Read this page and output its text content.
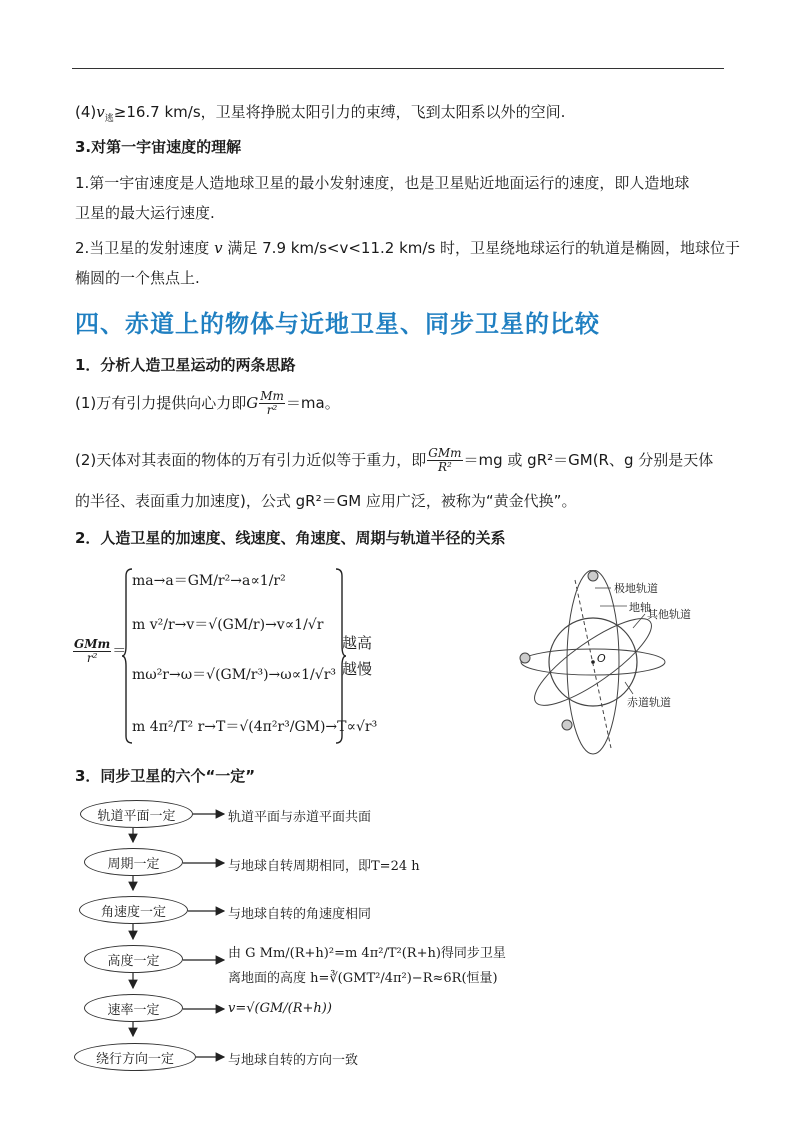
$(4)v_逃\ge 16.7$ km/s，卫星将挣脱太阳引力的束缚，飞到太阳系以外的空间.
3.对第一宇宙速度的理解
1.第一宇宙速度是人造地球卫星的最小发射速度，也是卫星贴近地面运行的速度，即人造地球
卫星的最大运行速度.
2.当卫星的发射速度 v 满足 7.9 km/s<v<11.2 km/s 时，卫星绕地球运行的轨道是椭圆，地球位于
椭圆的一个焦点上.
四、赤道上的物体与近地卫星、同步卫星的比较
1．分析人造卫星运动的两条思路
(1)万有引力提供向心力即G $\frac{Mm}{\text{r²}} =ma$。
(2)天体对其表面的物体的万有引力近似等于重力，即 $\frac{\text{GMm}}{\text{R²}} =mg$ 或 gR²＝GM(R、g 分别是天体
的半径、表面重力加速度)，公式 gR²＝GM 应用广泛，被称为“黄金代换”。
2．人造卫星的加速度、线速度、角速度、周期与轨道半径的关系
$\frac{\text{GMm}}{\text{r²}}$ ＝
ma→a＝GM/r²→a∝1/r²
m v²/r→v＝√(GM/r)→v∝1/√r
mω²r→ω＝√(GM/r³)→ω∝1/√r³
m 4π²/T² r→T＝√(4π²r³/GM)→T∝√r³
越高
越慢
极地轨道
地轴
其他轨道
赤道轨道
O
3．同步卫星的六个“一定”
轨道平面一定	轨道平面与赤道平面共面
周期一定	与地球自转周期相同，即T=24 h
角速度一定	与地球自转的角速度相同
高度一定	由 G Mm/(R+h)²=m 4π²/T²(R+h)得同步卫星
离地面的高度 h=∛(GMT²/4π²)−R≈6R(恒量)
速率一定	v=√(GM/(R+h))
绕行方向一定	与地球自转的方向一致
